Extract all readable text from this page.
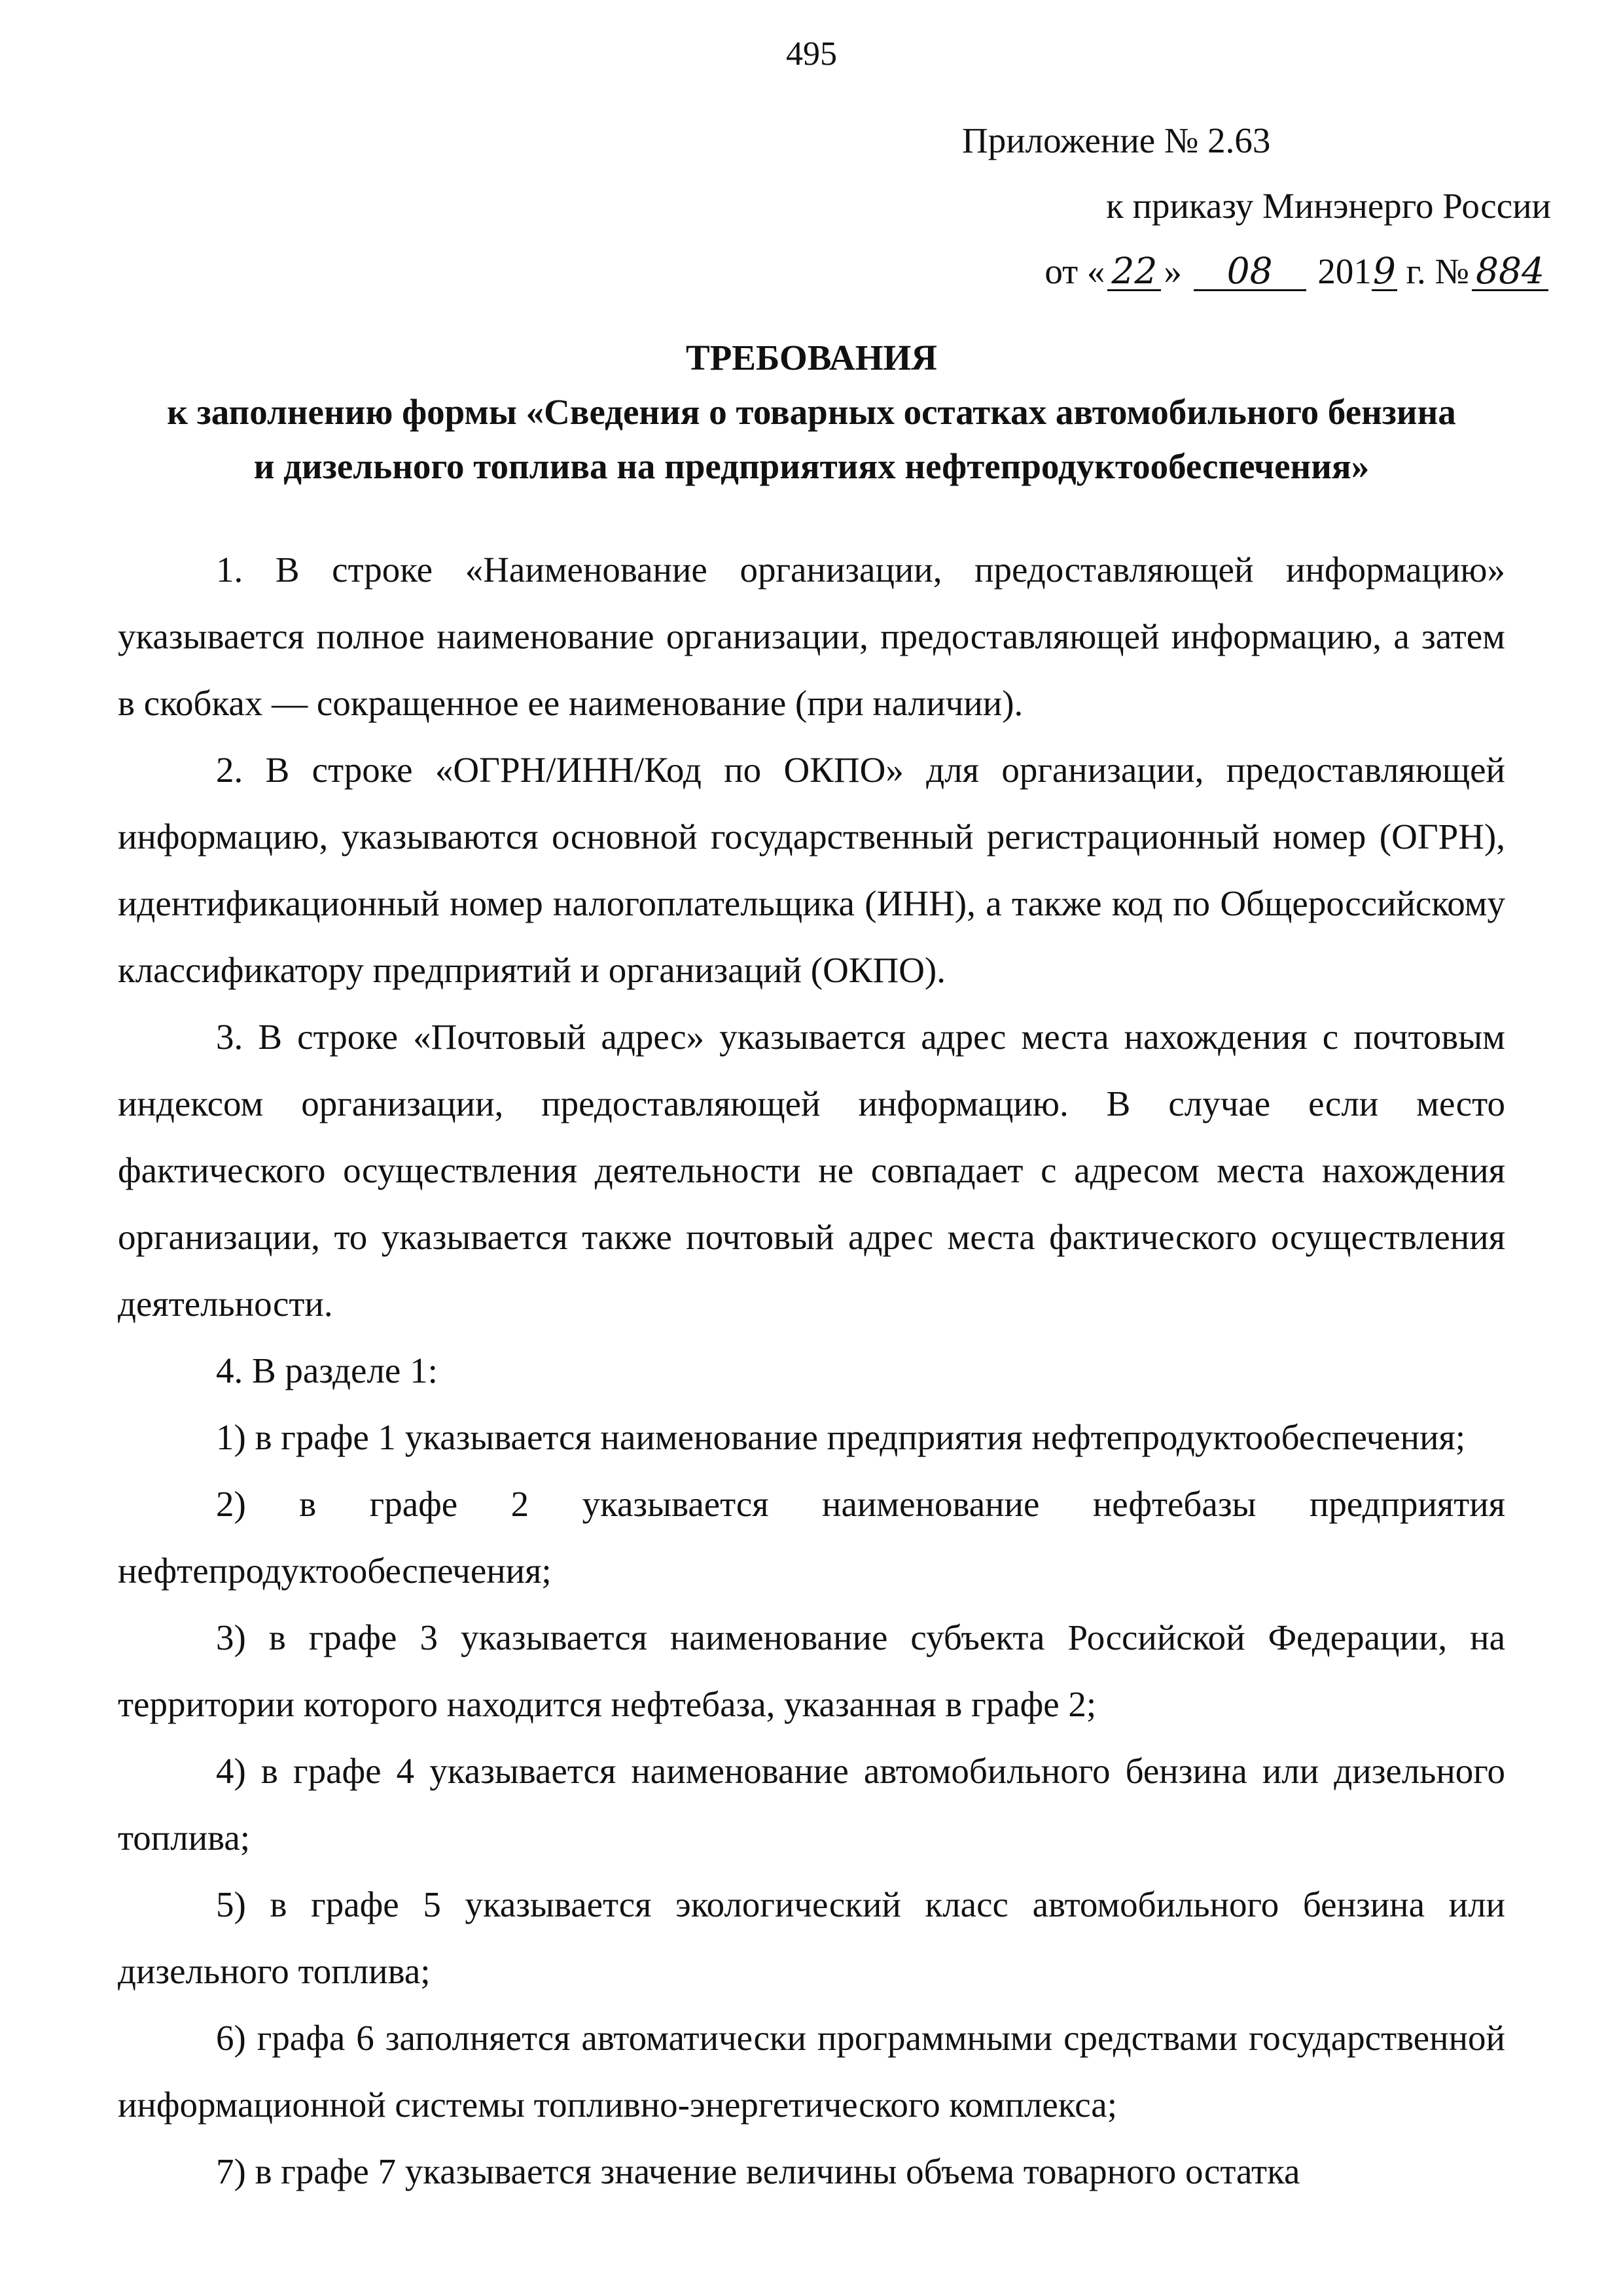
495
Приложение № 2.63
к приказу Минэнерго России
от « 22 » 08 2019 г. № 884
ТРЕБОВАНИЯ
к заполнению формы «Сведения о товарных остатках автомобильного бензина
и дизельного топлива на предприятиях нефтепродуктообеспечения»

1. В строке «Наименование организации, предоставляющей информацию» указывается полное наименование организации, предоставляющей информацию, а затем в скобках — сокращенное ее наименование (при наличии).

2. В строке «ОГРН/ИНН/Код по ОКПО» для организации, предоставляющей информацию, указываются основной государственный регистрационный номер (ОГРН), идентификационный номер налогоплательщика (ИНН), а также код по Общероссийскому классификатору предприятий и организаций (ОКПО).

3. В строке «Почтовый адрес» указывается адрес места нахождения с почтовым индексом организации, предоставляющей информацию. В случае если место фактического осуществления деятельности не совпадает с адресом места нахождения организации, то указывается также почтовый адрес места фактического осуществления деятельности.

4. В разделе 1:

1) в графе 1 указывается наименование предприятия нефтепродуктообеспечения;

2) в графе 2 указывается наименование нефтебазы предприятия нефтепродуктообеспечения;

3) в графе 3 указывается наименование субъекта Российской Федерации, на территории которого находится нефтебаза, указанная в графе 2;

4) в графе 4 указывается наименование автомобильного бензина или дизельного топлива;

5) в графе 5 указывается экологический класс автомобильного бензина или дизельного топлива;

6) графа 6 заполняется автоматически программными средствами государственной информационной системы топливно-энергетического комплекса;

7) в графе 7 указывается значение величины объема товарного остатка
